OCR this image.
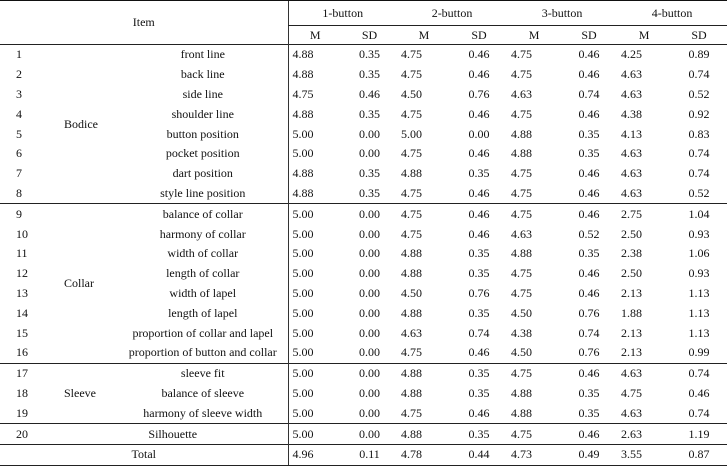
Item			1-button		2-button		3-button		4-button	
			M	SD	M	SD	M	SD	M	SD
1	Bodice	front line	4.88	0.35	4.75	0.46	4.75	0.46	4.25	0.89
2		back line	4.88	0.35	4.75	0.46	4.75	0.46	4.63	0.74
3		side line	4.75	0.46	4.50	0.76	4.63	0.74	4.63	0.52
4		shoulder line	4.88	0.35	4.75	0.46	4.75	0.46	4.38	0.92
5		button position	5.00	0.00	5.00	0.00	4.88	0.35	4.13	0.83
6		pocket position	5.00	0.00	4.75	0.46	4.88	0.35	4.63	0.74
7		dart position	4.88	0.35	4.88	0.35	4.75	0.46	4.63	0.74
8		style line position	4.88	0.35	4.75	0.46	4.75	0.46	4.63	0.52
9	Collar	balance of collar	5.00	0.00	4.75	0.46	4.75	0.46	2.75	1.04
10		harmony of collar	5.00	0.00	4.75	0.46	4.63	0.52	2.50	0.93
11		width of collar	5.00	0.00	4.88	0.35	4.88	0.35	2.38	1.06
12		length of collar	5.00	0.00	4.88	0.35	4.75	0.46	2.50	0.93
13		width of lapel	5.00	0.00	4.50	0.76	4.75	0.46	2.13	1.13
14		length of lapel	5.00	0.00	4.88	0.35	4.50	0.76	1.88	1.13
15		proportion of collar and lapel	5.00	0.00	4.63	0.74	4.38	0.74	2.13	1.13
16		proportion of button and collar	5.00	0.00	4.75	0.46	4.50	0.76	2.13	0.99
17	Sleeve	sleeve fit	5.00	0.00	4.88	0.35	4.75	0.46	4.63	0.74
18		balance of sleeve	5.00	0.00	4.88	0.35	4.88	0.35	4.75	0.46
19		harmony of sleeve width	5.00	0.00	4.75	0.46	4.88	0.35	4.63	0.74
20	Silhouette		5.00	0.00	4.88	0.35	4.75	0.46	2.63	1.19
Total			4.96	0.11	4.78	0.44	4.73	0.49	3.55	0.87
